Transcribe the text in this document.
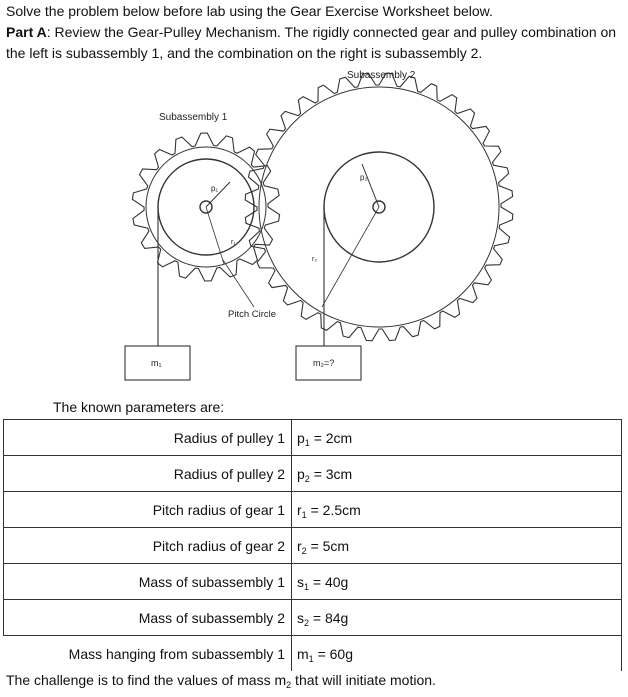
Solve the problem below before lab using the Gear Exercise Worksheet below.
Part A: Review the Gear-Pulley Mechanism. The rigidly connected gear and pulley combination on the left is subassembly 1, and the combination on the right is subassembly 2.
Subassembly 1
Subassembly 2
p₁
p₂
r₁
r₂
Pitch Circle
m₁	m₂=?
The known parameters are:
Radius of pulley 1	$p_1 = 2cm$
Radius of pulley 2	$p_2 = 3cm$
Pitch radius of gear 1	$r_1 = 2.5cm$
Pitch radius of gear 2	$r_2 = 5cm$
Mass of subassembly 1	$s_1 = 40g$
Mass of subassembly 2	$s_2 = 84g$
Mass hanging from subassembly 1	$m_1 = 60g$
The challenge is to find the values of mass $m_2$ that will initiate motion.
